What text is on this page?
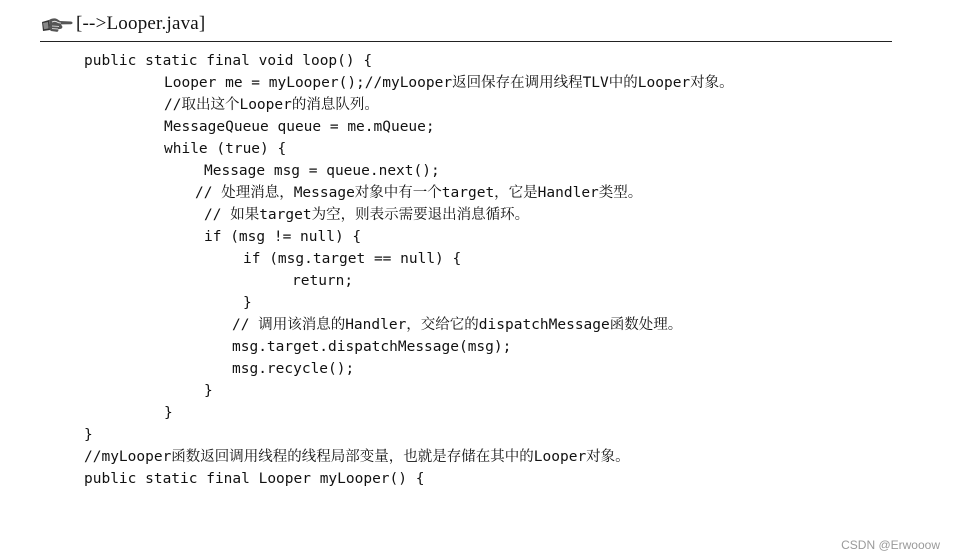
[-->Looper.java]
public static final void loop() {
Looper me = myLooper();//myLooper返回保存在调用线程TLV中的Looper对象。
//取出这个Looper的消息队列。
MessageQueue queue = me.mQueue;
while (true) {
Message msg = queue.next();
// 处理消息，Message对象中有一个target，它是Handler类型。
// 如果target为空，则表示需要退出消息循环。
if (msg != null) {
if (msg.target == null) {
return;
}
// 调用该消息的Handler，交给它的dispatchMessage函数处理。
msg.target.dispatchMessage(msg);
msg.recycle();
}
}
}
//myLooper函数返回调用线程的线程局部变量，也就是存储在其中的Looper对象。
public static final Looper myLooper() {
CSDN @Erwooow
